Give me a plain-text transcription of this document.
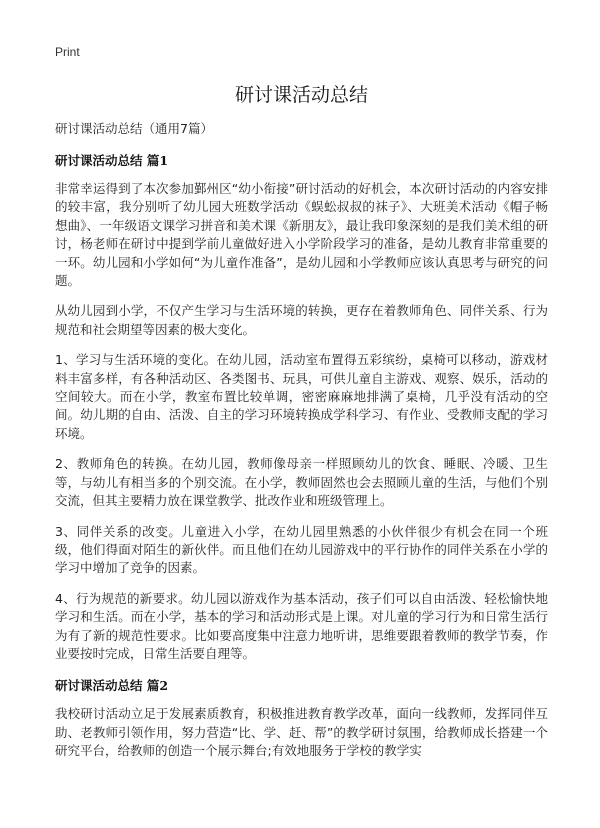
Print
研讨课活动总结
研讨课活动总结（通用7篇）
研讨课活动总结 篇1

非常幸运得到了本次参加鄞州区“幼小衔接”研讨活动的好机会，本次研讨活动的内容安排的较丰富，我分别听了幼儿园大班数学活动《蜈蚣叔叔的袜子》、大班美术活动《帽子畅想曲》、一年级语文课学习拼音和美术课《新朋友》，最让我印象深刻的是我们美术组的研讨，杨老师在研讨中提到学前儿童做好进入小学阶段学习的准备，是幼儿教育非常重要的一环。幼儿园和小学如何“为儿童作准备”，是幼儿园和小学教师应该认真思考与研究的问题。

从幼儿园到小学，不仅产生学习与生活环境的转换，更存在着教师角色、同伴关系、行为规范和社会期望等因素的极大变化。

1、学习与生活环境的变化。在幼儿园，活动室布置得五彩缤纷，桌椅可以移动，游戏材料丰富多样，有各种活动区、各类图书、玩具，可供儿童自主游戏、观察、娱乐，活动的空间较大。而在小学，教室布置比较单调，密密麻麻地排满了桌椅，几乎没有活动的空间。幼儿期的自由、活泼、自主的学习环境转换成学科学习、有作业、受教师支配的学习环境。

2、教师角色的转换。在幼儿园，教师像母亲一样照顾幼儿的饮食、睡眠、冷暖、卫生等，与幼儿有相当多的个别交流。在小学，教师固然也会去照顾儿童的生活，与他们个别交流，但其主要精力放在课堂教学、批改作业和班级管理上。

3、同伴关系的改变。儿童进入小学，在幼儿园里熟悉的小伙伴很少有机会在同一个班级，他们得面对陌生的新伙伴。而且他们在幼儿园游戏中的平行协作的同伴关系在小学的学习中增加了竞争的因素。

4、行为规范的新要求。幼儿园以游戏作为基本活动，孩子们可以自由活泼、轻松愉快地学习和生活。而在小学，基本的学习和活动形式是上课。对儿童的学习行为和日常生活行为有了新的规范性要求。比如要高度集中注意力地听讲，思维要跟着教师的教学节奏，作业要按时完成，日常生活要自理等。

研讨课活动总结 篇2

我校研讨活动立足于发展素质教育，积极推进教育教学改革，面向一线教师，发挥同伴互助、老教师引领作用，努力营造“比、学、赶、帮”的教学研讨氛围，给教师成长搭建一个研究平台，给教师的创造一个展示舞台;有效地服务于学校的教学实
